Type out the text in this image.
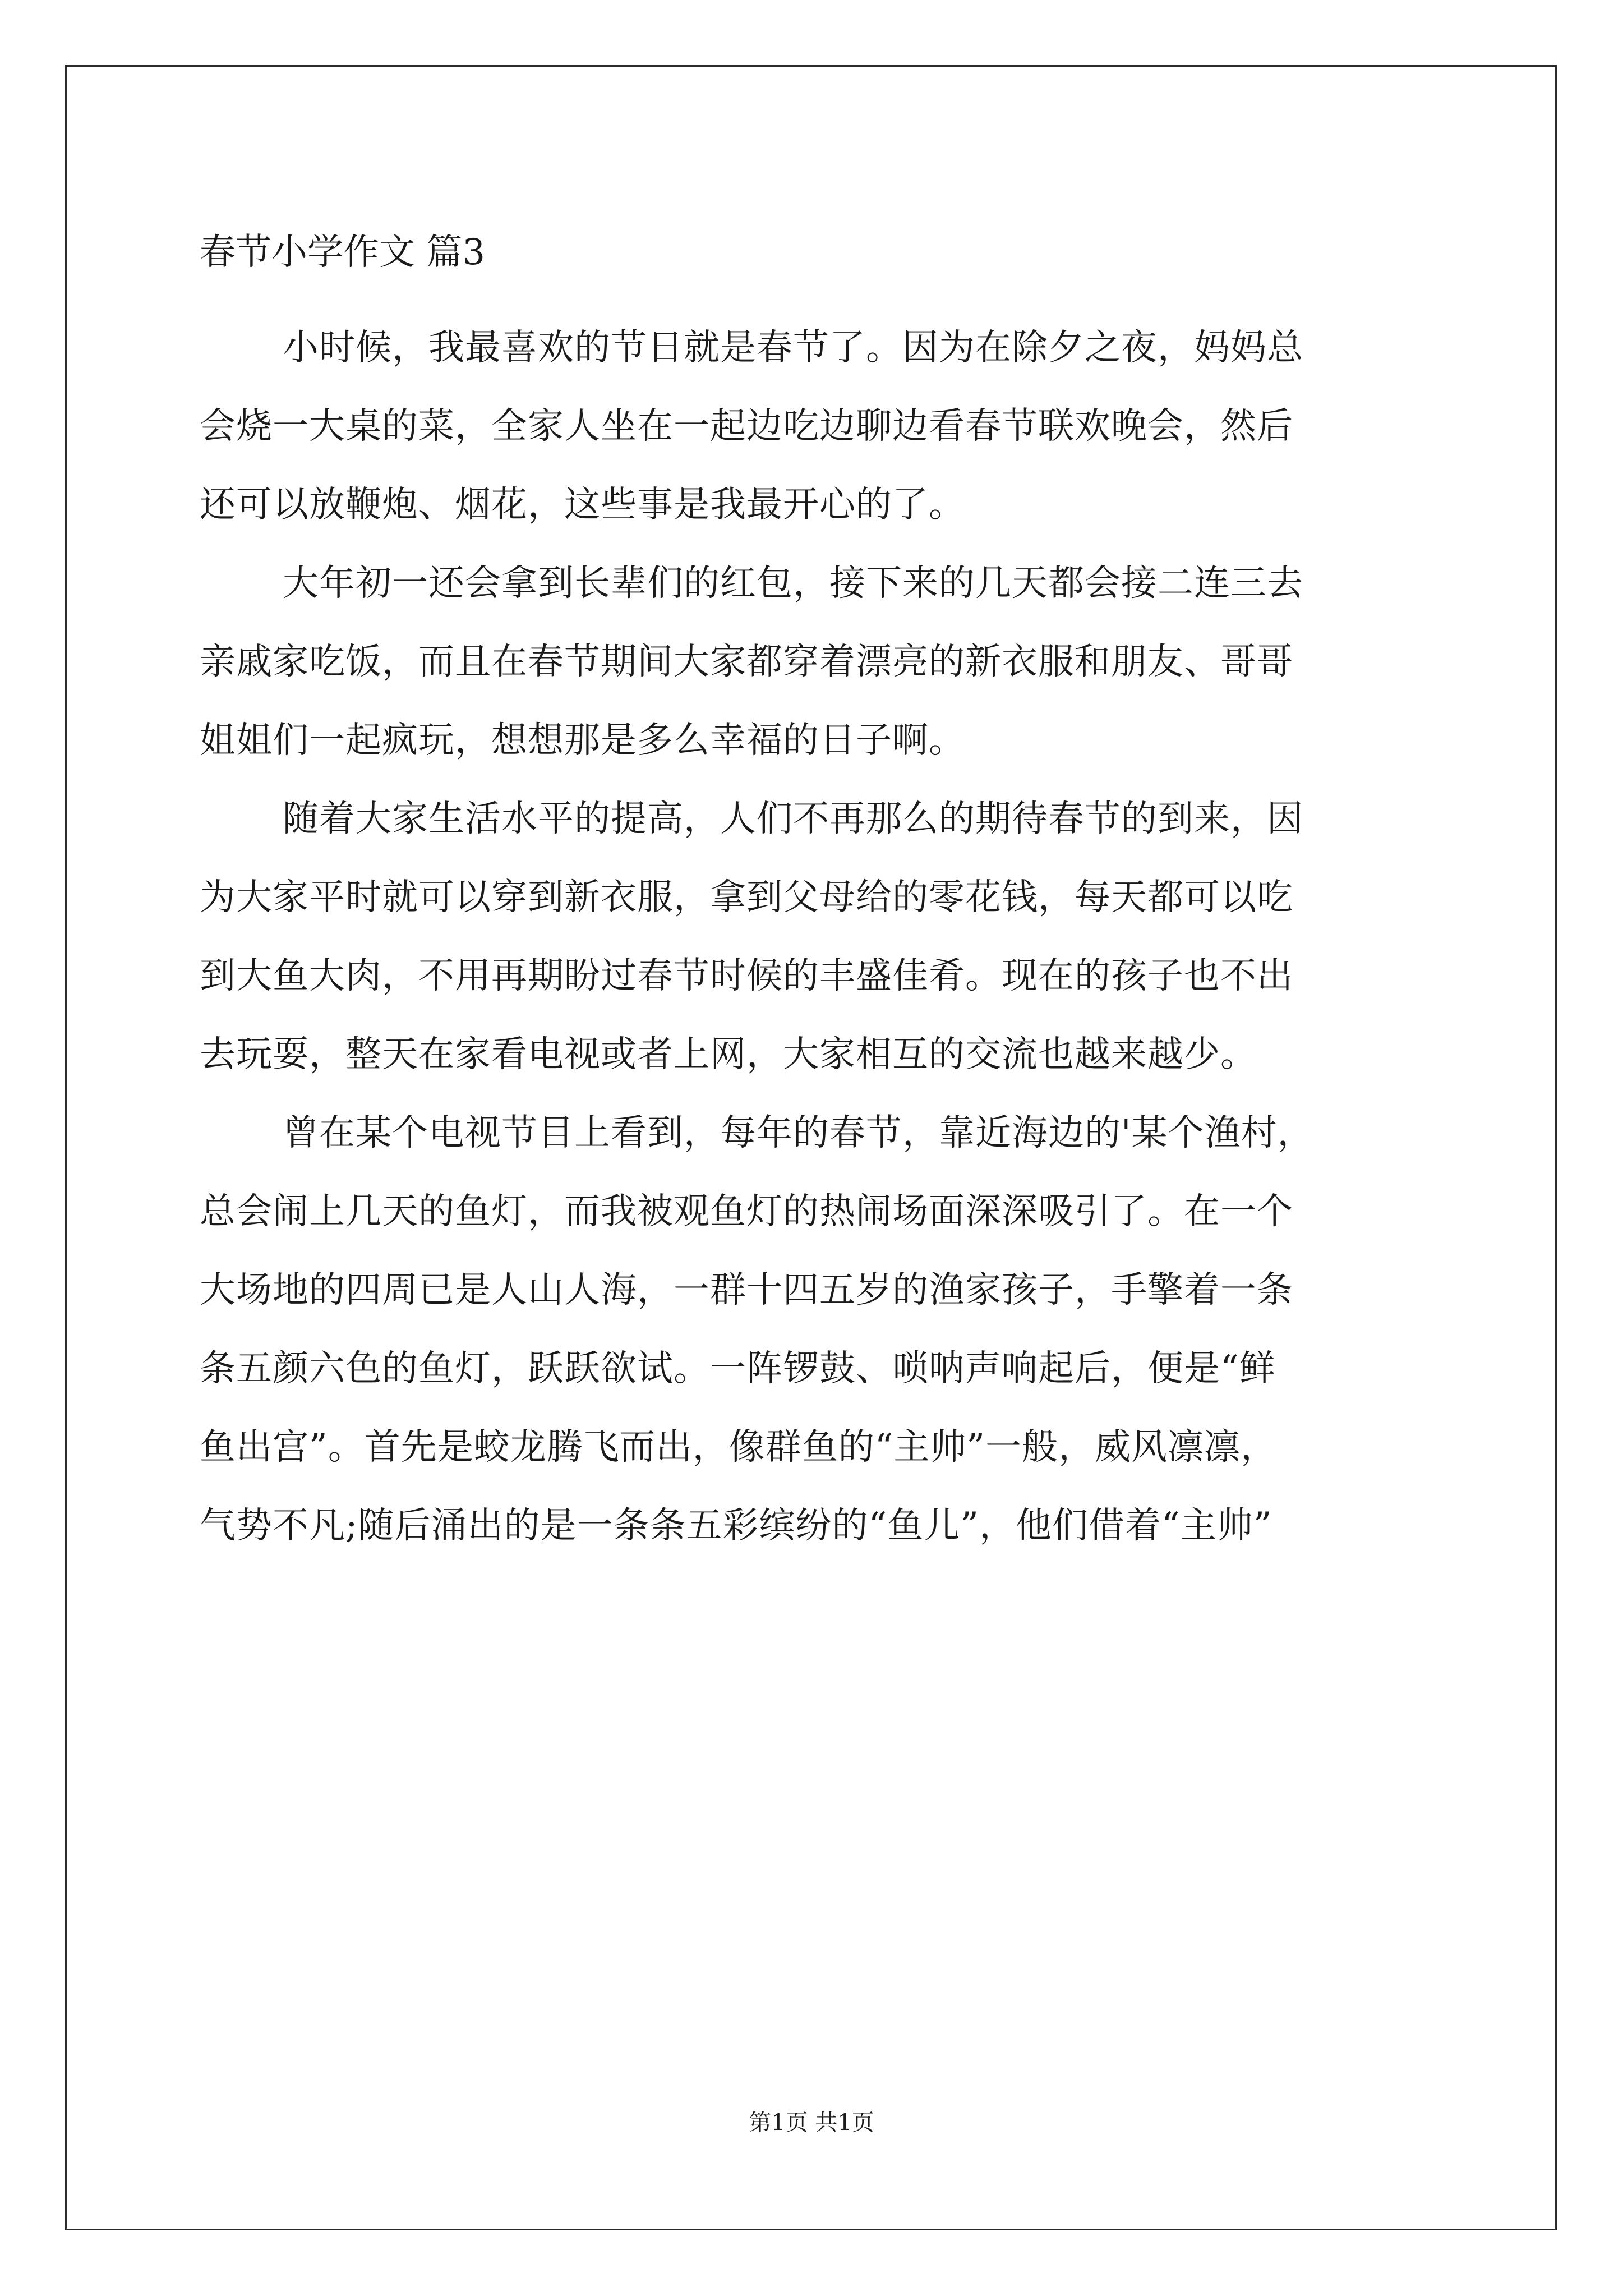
春节小学作文 篇3
小时候，我最喜欢的节日就是春节了。因为在除夕之夜，妈妈总
会烧一大桌的菜，全家人坐在一起边吃边聊边看春节联欢晚会，然后
还可以放鞭炮、烟花，这些事是我最开心的了。
大年初一还会拿到长辈们的红包，接下来的几天都会接二连三去
亲戚家吃饭，而且在春节期间大家都穿着漂亮的新衣服和朋友、哥哥
姐姐们一起疯玩，想想那是多么幸福的日子啊。
随着大家生活水平的提高，人们不再那么的期待春节的到来，因
为大家平时就可以穿到新衣服，拿到父母给的零花钱，每天都可以吃
到大鱼大肉，不用再期盼过春节时候的丰盛佳肴。现在的孩子也不出
去玩耍，整天在家看电视或者上网，大家相互的交流也越来越少。
曾在某个电视节目上看到，每年的春节，靠近海边的'某个渔村，
总会闹上几天的鱼灯，而我被观鱼灯的热闹场面深深吸引了。在一个
大场地的四周已是人山人海，一群十四五岁的渔家孩子，手擎着一条
条五颜六色的鱼灯，跃跃欲试。一阵锣鼓、唢呐声响起后，便是“鲜
鱼出宫”。首先是蛟龙腾飞而出，像群鱼的“主帅”一般，威风凛凛，
气势不凡;随后涌出的是一条条五彩缤纷的“鱼儿”，他们借着“主帅”
第1页 共1页
